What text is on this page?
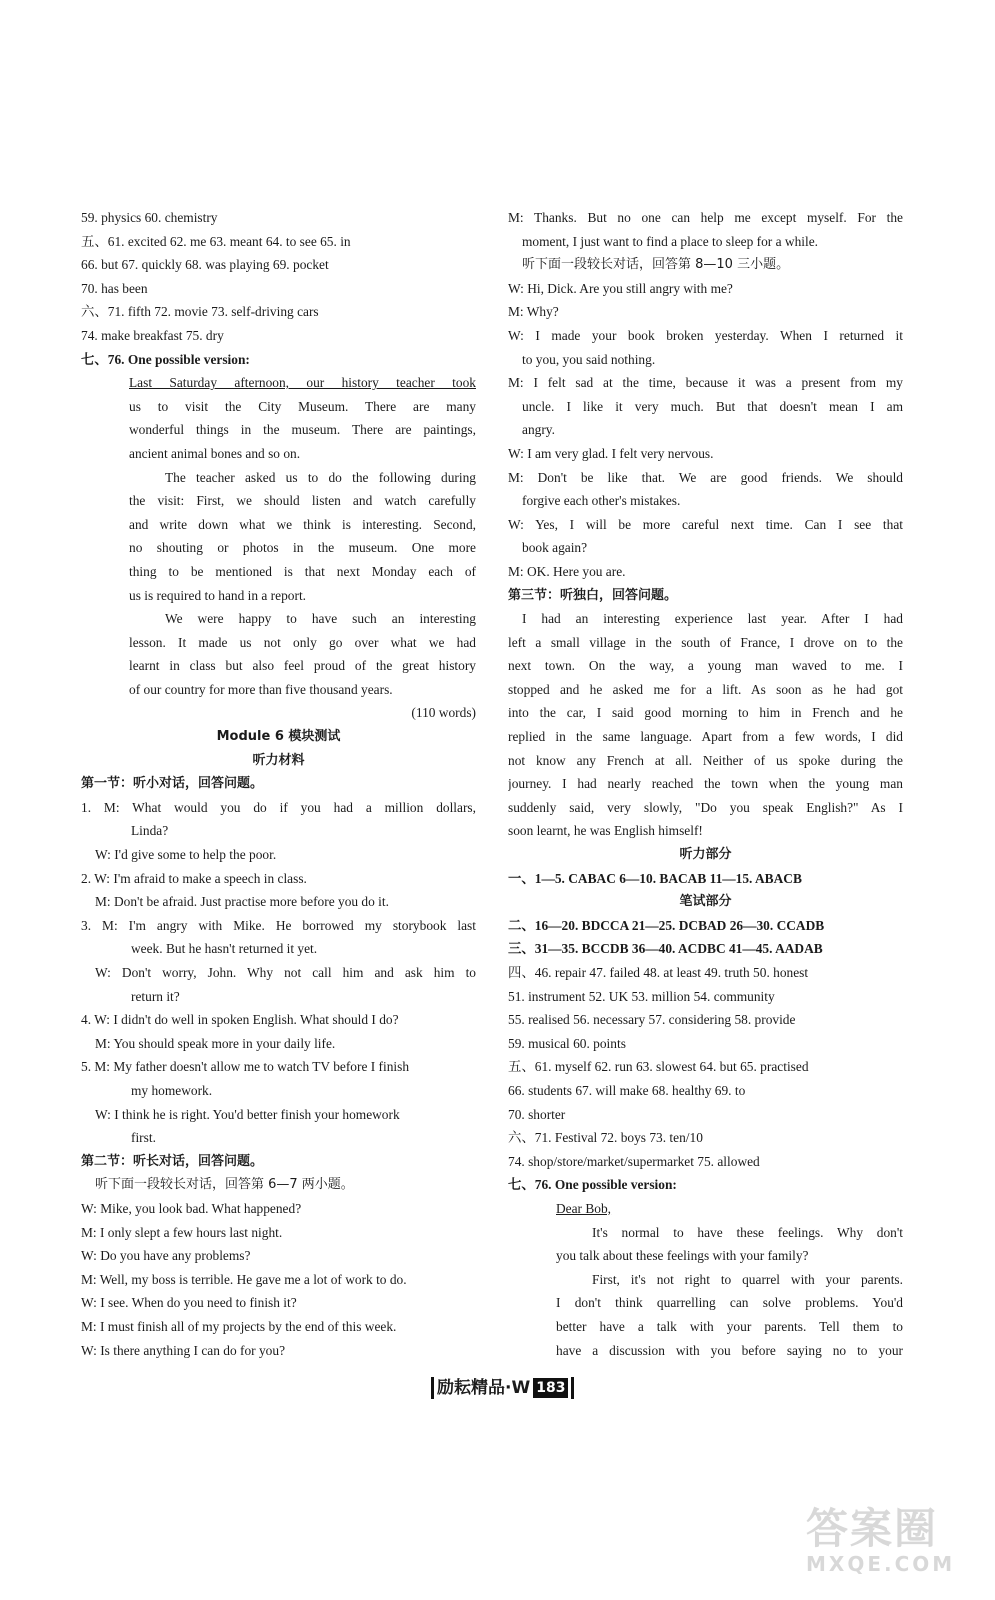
59. physics 60. chemistry
五、61. excited 62. me 63. meant 64. to see 65. in
66. but 67. quickly 68. was playing 69. pocket
70. has been
六、71. fifth 72. movie 73. self-driving cars
74. make breakfast 75. dry
七、76. One possible version:
Last Saturday afternoon, our history teacher took
us to visit the City Museum. There are many
wonderful things in the museum. There are paintings,
ancient animal bones and so on.
The teacher asked us to do the following during
the visit: First, we should listen and watch carefully
and write down what we think is interesting. Second,
no shouting or photos in the museum. One more
thing to be mentioned is that next Monday each of
us is required to hand in a report.
We were happy to have such an interesting
lesson. It made us not only go over what we had
learnt in class but also feel proud of the great history
of our country for more than five thousand years.
(110 words)
Module 6 模块测试
听力材料
第一节：听小对话，回答问题。
1. M: What would you do if you had a million dollars,
Linda?
W: I'd give some to help the poor.
2. W: I'm afraid to make a speech in class.
M: Don't be afraid. Just practise more before you do it.
3. M: I'm angry with Mike. He borrowed my storybook last
week. But he hasn't returned it yet.
W: Don't worry, John. Why not call him and ask him to
return it?
4. W: I didn't do well in spoken English. What should I do?
M: You should speak more in your daily life.
5. M: My father doesn't allow me to watch TV before I finish
my homework.
W: I think he is right. You'd better finish your homework
first.
第二节：听长对话，回答问题。
听下面一段较长对话，回答第 6—7 两小题。
W: Mike, you look bad. What happened?
M: I only slept a few hours last night.
W: Do you have any problems?
M: Well, my boss is terrible. He gave me a lot of work to do.
W: I see. When do you need to finish it?
M: I must finish all of my projects by the end of this week.
W: Is there anything I can do for you?
M: Thanks. But no one can help me except myself. For the
moment, I just want to find a place to sleep for a while.
听下面一段较长对话，回答第 8—10 三小题。
W: Hi, Dick. Are you still angry with me?
M: Why?
W: I made your book broken yesterday. When I returned it
to you, you said nothing.
M: I felt sad at the time, because it was a present from my
uncle. I like it very much. But that doesn't mean I am
angry.
W: I am very glad. I felt very nervous.
M: Don't be like that. We are good friends. We should
forgive each other's mistakes.
W: Yes, I will be more careful next time. Can I see that
book again?
M: OK. Here you are.
第三节：听独白，回答问题。
I had an interesting experience last year. After I had
left a small village in the south of France, I drove on to the
next town. On the way, a young man waved to me. I
stopped and he asked me for a lift. As soon as he had got
into the car, I said good morning to him in French and he
replied in the same language. Apart from a few words, I did
not know any French at all. Neither of us spoke during the
journey. I had nearly reached the town when the young man
suddenly said, very slowly, "Do you speak English?" As I
soon learnt, he was English himself!
听力部分
一、1—5. CABAC 6—10. BACAB 11—15. ABACB
笔试部分
二、16—20. BDCCA 21—25. DCBAD 26—30. CCADB
三、31—35. BCCDB 36—40. ACDBC 41—45. AADAB
四、46. repair 47. failed 48. at least 49. truth 50. honest
51. instrument 52. UK 53. million 54. community
55. realised 56. necessary 57. considering 58. provide
59. musical 60. points
五、61. myself 62. run 63. slowest 64. but 65. practised
66. students 67. will make 68. healthy 69. to
70. shorter
六、71. Festival 72. boys 73. ten/10
74. shop/store/market/supermarket 75. allowed
七、76. One possible version:
Dear Bob,
It's normal to have these feelings. Why don't
you talk about these feelings with your family?
First, it's not right to quarrel with your parents.
I don't think quarrelling can solve problems. You'd
better have a talk with your parents. Tell them to
have a discussion with you before saying no to your
励耘精品 ·W 183
答案圈
MXQE.COM
